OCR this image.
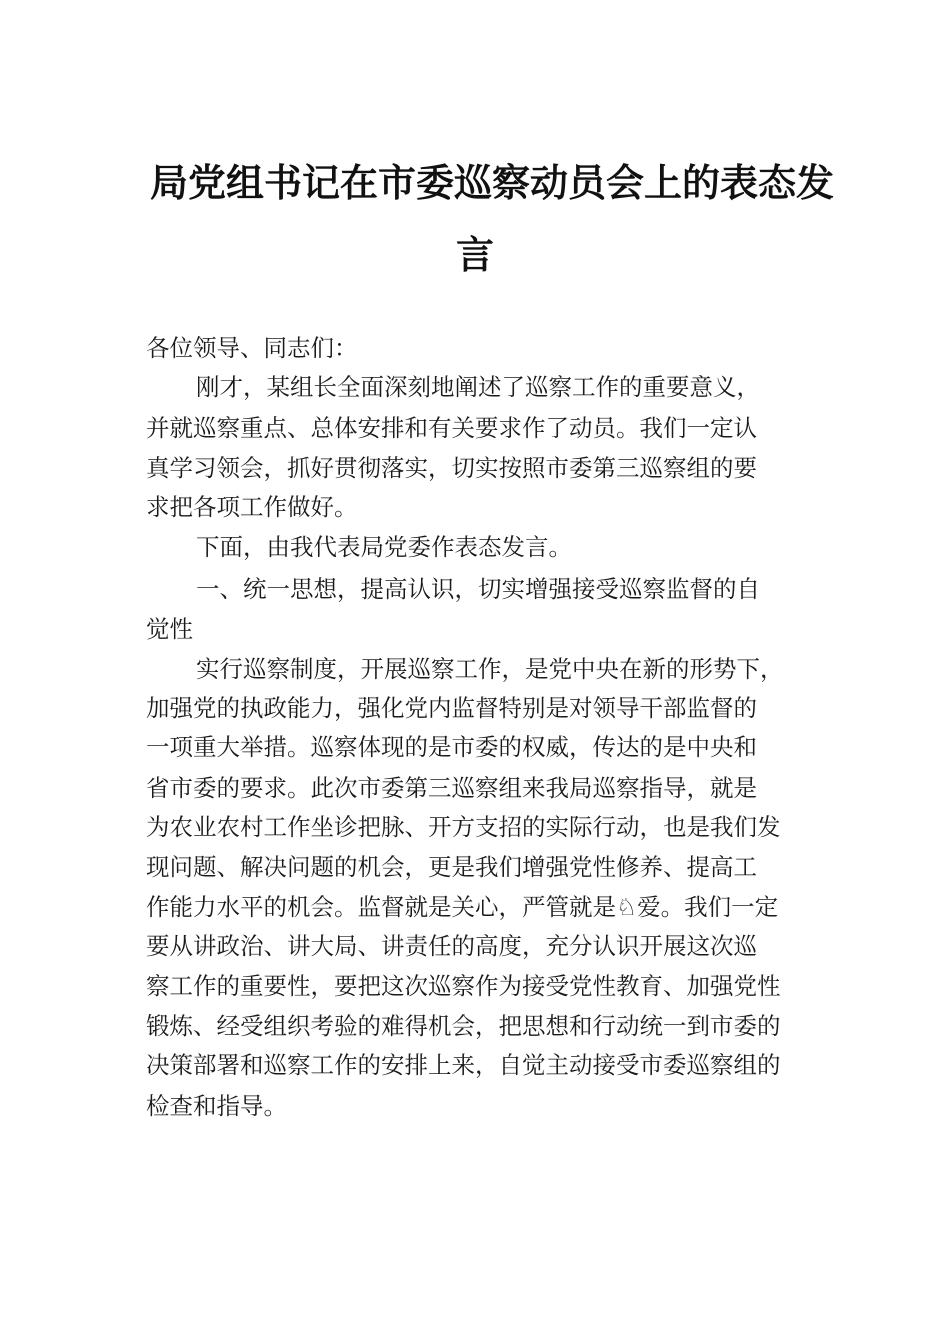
局党组书记在市委巡察动员会上的表态发
言
各位领导、同志们：
刚才，某组长全面深刻地阐述了巡察工作的重要意义，
并就巡察重点、总体安排和有关要求作了动员。我们一定认
真学习领会，抓好贯彻落实，切实按照市委第三巡察组的要
求把各项工作做好。
下面，由我代表局党委作表态发言。
一、统一思想，提高认识，切实增强接受巡察监督的自
觉性
实行巡察制度，开展巡察工作，是党中央在新的形势下，
加强党的执政能力，强化党内监督特别是对领导干部监督的
一项重大举措。巡察体现的是市委的权威，传达的是中央和
省市委的要求。此次市委第三巡察组来我局巡察指导，就是
为农业农村工作坐诊把脉、开方支招的实际行动，也是我们发
现问题、解决问题的机会，更是我们增强党性修养、提高工
作能力水平的机会。监督就是关心，严管就是♘爱。我们一定
要从讲政治、讲大局、讲责任的高度，充分认识开展这次巡
察工作的重要性，要把这次巡察作为接受党性教育、加强党性
锻炼、经受组织考验的难得机会，把思想和行动统一到市委的
决策部署和巡察工作的安排上来，自觉主动接受市委巡察组的
检查和指导。
